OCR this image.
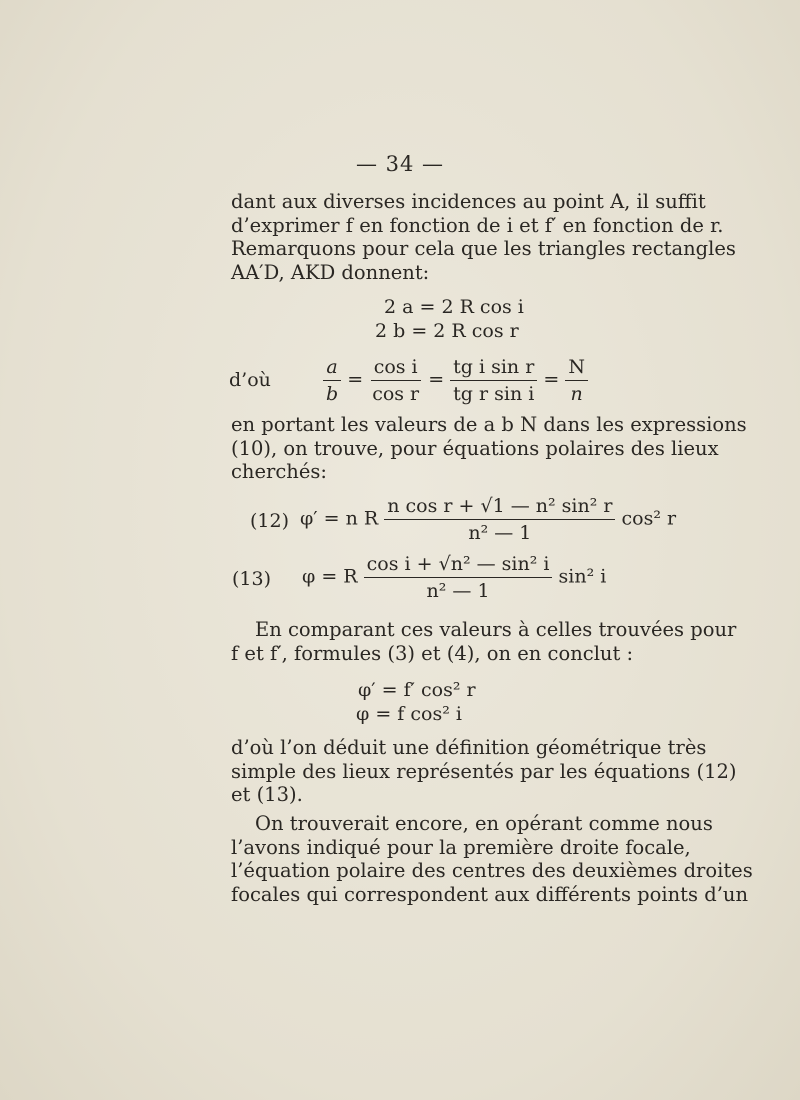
— 34 —
dant aux diverses incidences au point A, il suffit
d’exprimer f en fonction de i et f′ en fonction de r.
Remarquons pour cela que les triangles rectangles
AA′D, AKD donnent:
2 a = 2 R cos i
2 b = 2 R cos r
d’où	$\frac{a}{b} = \frac{\text{cos i}}{\text{cos r}} = \frac{\text{tg i sin r}}{\text{tg r sin i}} = \frac{N}{n}$
en portant les valeurs de a b N dans les expressions
(10), on trouve, pour équations polaires des lieux
cherchés:
(12) φ′ = n R $\frac{\text{n cos r + √1 — n² sin² r}}{\text{n² — 1}} \cos^2$ r
(13) φ = R $\frac{\text{cos i + √n² — sin² i}}{\text{n² — 1}} \sin^2$ i
En comparant ces valeurs à celles trouvées pour
f et f′, formules (3) et (4), on en conclut :
φ′ = f′ cos² r
φ = f cos² i
d’où l’on déduit une définition géométrique très
simple des lieux représentés par les équations (12)
et (13).
On trouverait encore, en opérant comme nous
l’avons indiqué pour la première droite focale,
l’équation polaire des centres des deuxièmes droites
focales qui correspondent aux différents points d’un
